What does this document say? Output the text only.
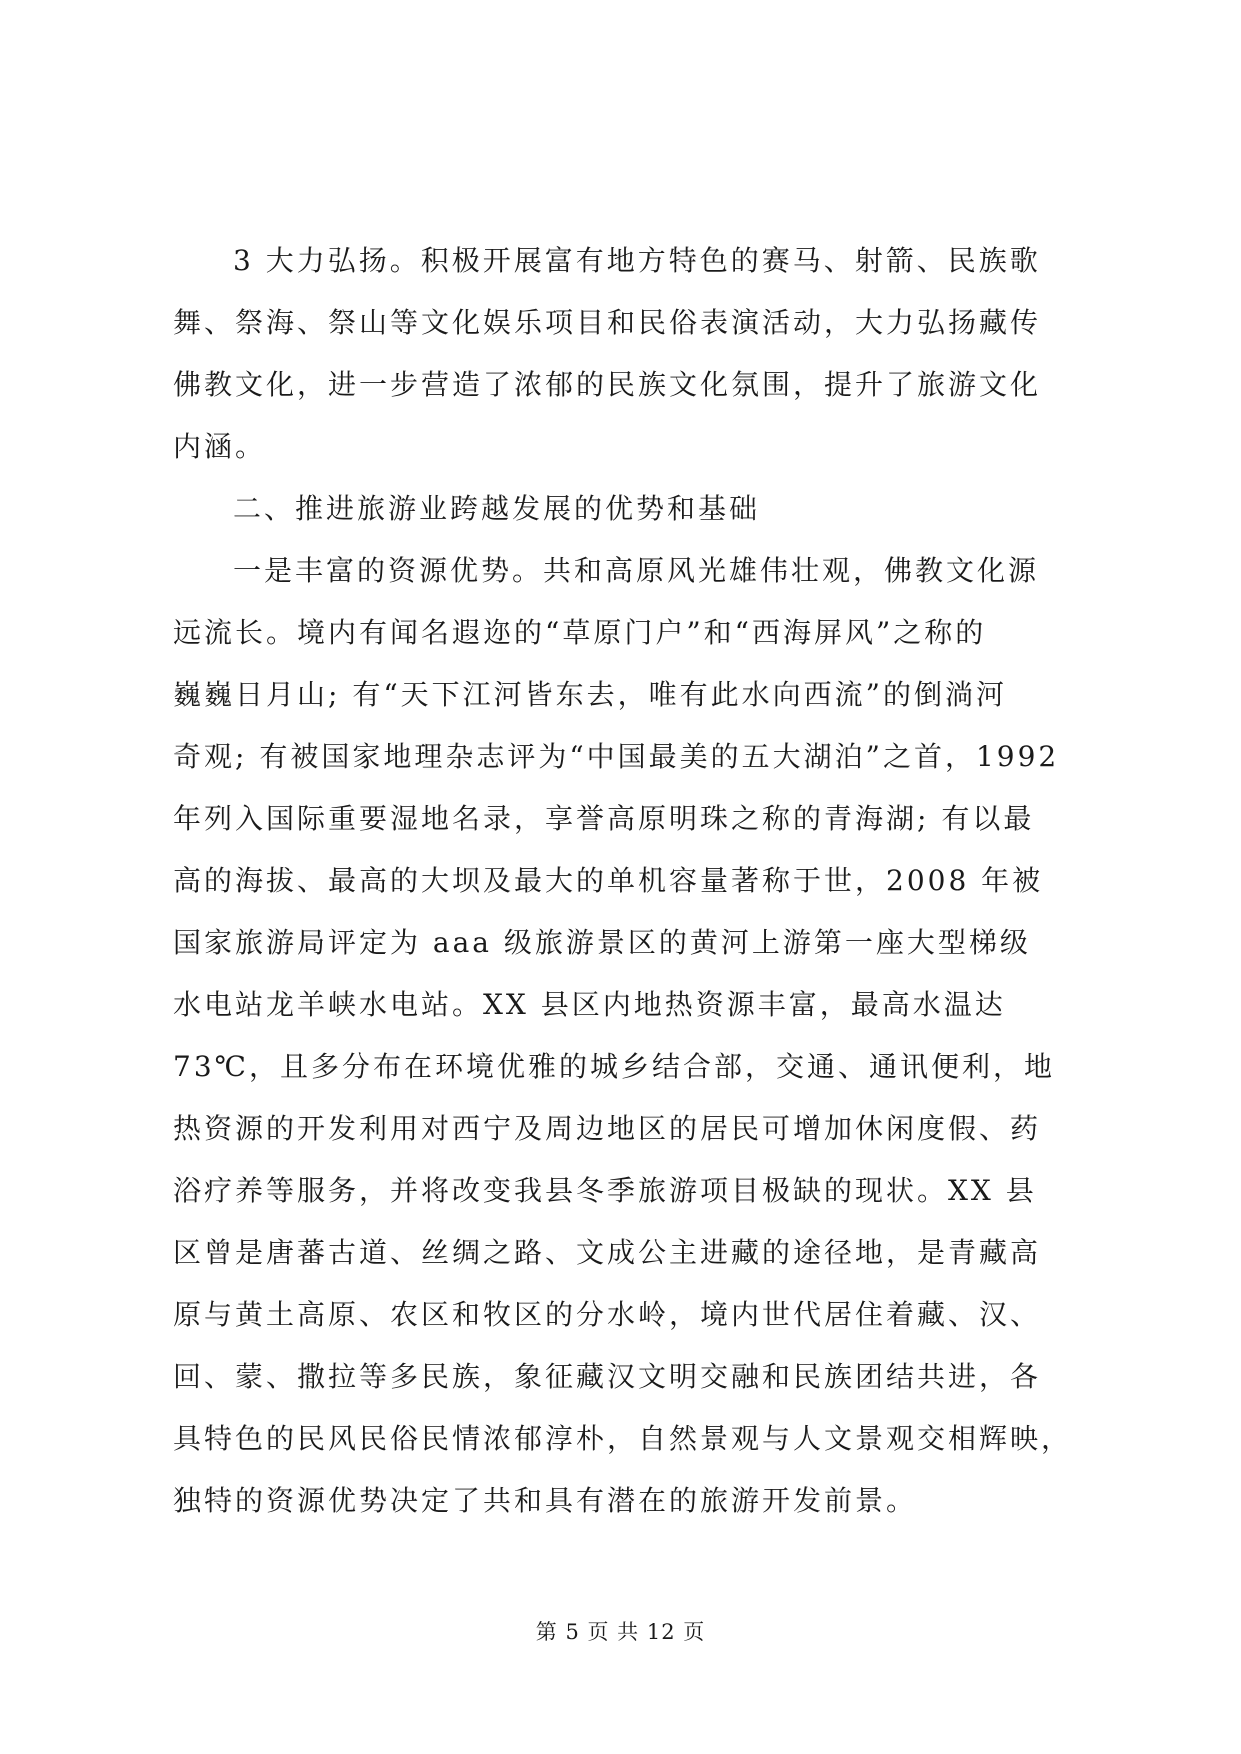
3 大力弘扬。积极开展富有地方特色的赛马、射箭、民族歌
舞、祭海、祭山等文化娱乐项目和民俗表演活动，大力弘扬藏传
佛教文化，进一步营造了浓郁的民族文化氛围，提升了旅游文化
内涵。

二、推进旅游业跨越发展的优势和基础

一是丰富的资源优势。共和高原风光雄伟壮观，佛教文化源
远流长。境内有闻名遐迩的“草原门户”和“西海屏风”之称的
巍巍日月山; 有“天下江河皆东去，唯有此水向西流”的倒淌河
奇观; 有被国家地理杂志评为“中国最美的五大湖泊”之首，1992
年列入国际重要湿地名录，享誉高原明珠之称的青海湖; 有以最
高的海拔、最高的大坝及最大的单机容量著称于世，2008 年被
国家旅游局评定为 aaa 级旅游景区的黄河上游第一座大型梯级
水电站龙羊峡水电站。XX 县区内地热资源丰富，最高水温达
73℃，且多分布在环境优雅的城乡结合部，交通、通讯便利，地
热资源的开发利用对西宁及周边地区的居民可增加休闲度假、药
浴疗养等服务，并将改变我县冬季旅游项目极缺的现状。XX 县
区曾是唐蕃古道、丝绸之路、文成公主进藏的途径地，是青藏高
原与黄土高原、农区和牧区的分水岭，境内世代居住着藏、汉、
回、蒙、撒拉等多民族，象征藏汉文明交融和民族团结共进，各
具特色的民风民俗民情浓郁淳朴，自然景观与人文景观交相辉映，
独特的资源优势决定了共和具有潜在的旅游开发前景。

第 5 页 共 12 页
